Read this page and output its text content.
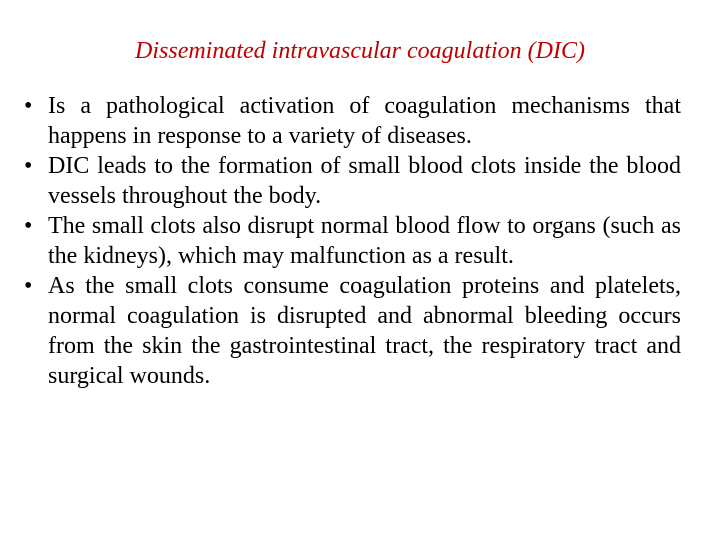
Disseminated intravascular coagulation (DIC)
• Is a pathological activation of coagulation mechanisms that happens in response to a variety of diseases.
• DIC leads to the formation of small blood clots inside the blood vessels throughout the body.
• The small clots also disrupt normal blood flow to organs (such as the kidneys), which may malfunction as a result.
• As the small clots consume coagulation proteins and platelets, normal coagulation is disrupted and abnormal bleeding occurs from the skin the gastrointestinal tract, the respiratory tract and surgical wounds.
